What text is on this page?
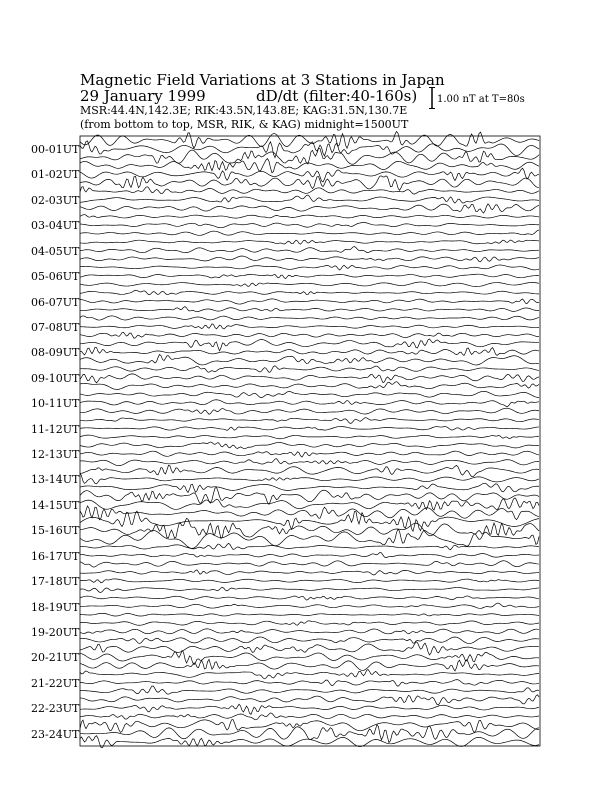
Magnetic Field Variations at 3 Stations in Japan
29 January 1999	dD/dt (filter:40-160s)
MSR:44.4N,142.3E; RIK:43.5N,143.8E; KAG:31.5N,130.7E
(from bottom to top, MSR, RIK, & KAG) midnight=1500UT
1.00 nT at T=80s
00-01UT
01-02UT
02-03UT
03-04UT
04-05UT
05-06UT
06-07UT
07-08UT
08-09UT
09-10UT
10-11UT
11-12UT
12-13UT
13-14UT
14-15UT
15-16UT
16-17UT
17-18UT
18-19UT
19-20UT
20-21UT
21-22UT
22-23UT
23-24UT
